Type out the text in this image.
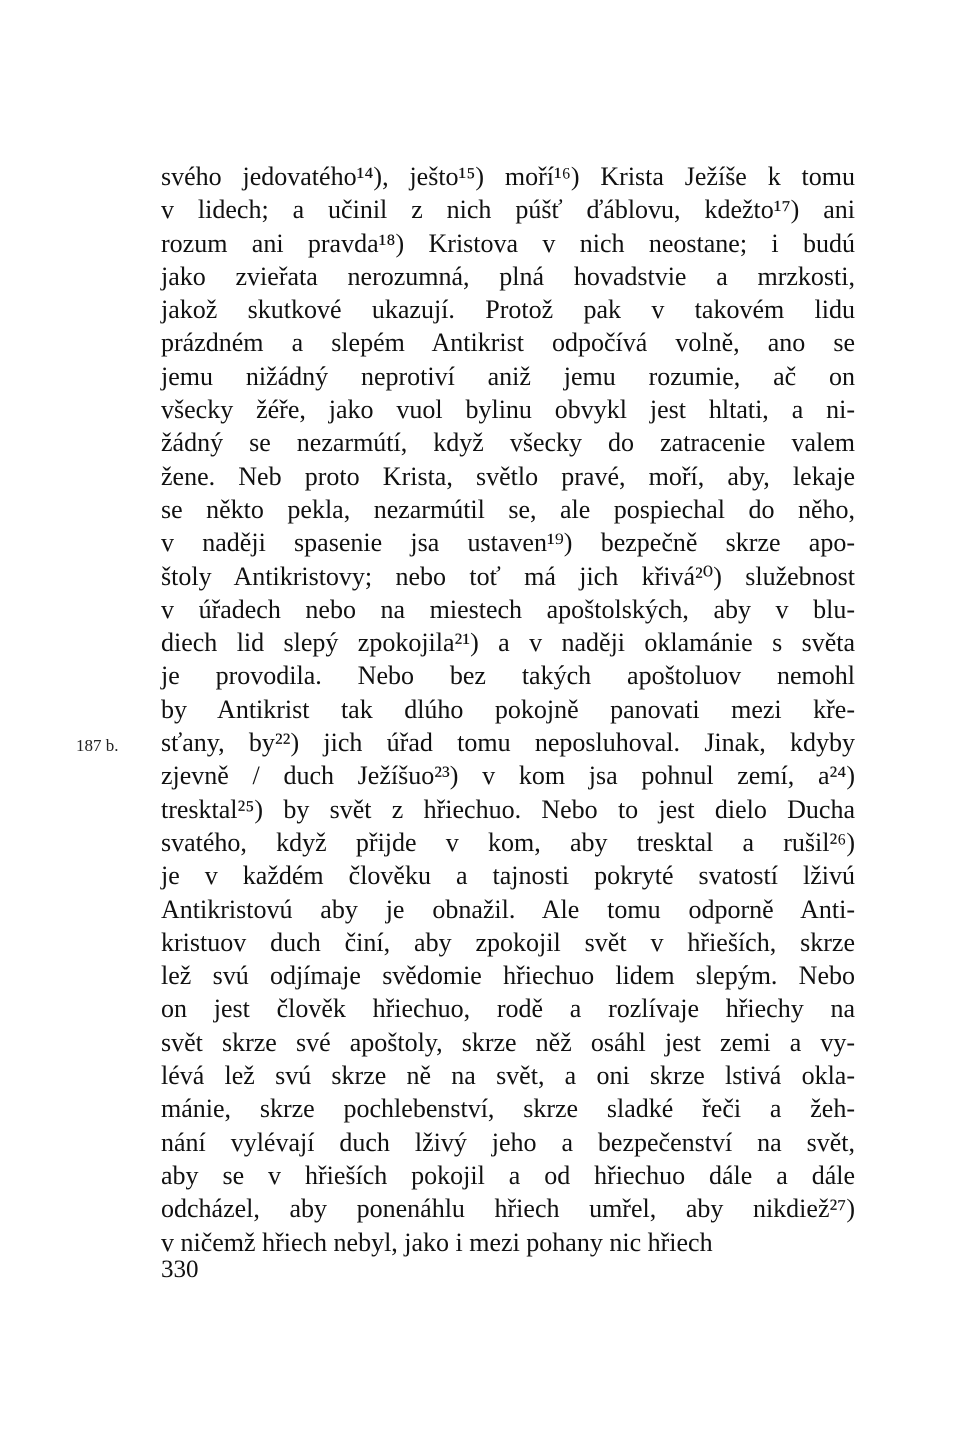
svého jedovatého¹⁴), ješto¹⁵) moří¹⁶) Krista Ježíše k tomu
v lidech; a učinil z nich púšť ďáblovu, kdežto¹⁷) ani
rozum ani pravda¹⁸) Kristova v nich neostane; i budú
jako zvieřata nerozumná, plná hovadstvie a mrzkosti,
jakož skutkové ukazují. Protož pak v takovém lidu
prázdném a slepém Antikrist odpočívá volně, ano se
jemu nižádný neprotiví aniž jemu rozumie, ač on
všecky žéře, jako vuol bylinu obvykl jest hltati, a ni-
žádný se nezarmútí, když všecky do zatracenie valem
žene. Neb proto Krista, světlo pravé, moří, aby, lekaje
se někto pekla, nezarmútil se, ale pospiechal do něho,
v naději spasenie jsa ustaven¹⁹) bezpečně skrze apo-
štoly Antikristovy; nebo toť má jich křivá²⁰) služebnost
v úřadech nebo na miestech apoštolských, aby v blu-
diech lid slepý zpokojila²¹) a v naději oklamánie s světa
je provodila. Nebo bez takých apoštoluov nemohl
by Antikrist tak dlúho pokojně panovati mezi kře-
sťany, by²²) jich úřad tomu neposluhoval. Jinak, kdyby
zjevně / duch Ježíšuo²³) v kom jsa pohnul zemí, a²⁴)
tresktal²⁵) by svět z hřiechuo. Nebo to jest dielo Ducha
svatého, když přijde v kom, aby tresktal a rušil²⁶)
je v každém člověku a tajnosti pokryté svatostí lživú
Antikristovú aby je obnažil. Ale tomu odporně Anti-
kristuov duch činí, aby zpokojil svět v hřieších, skrze
lež svú odjímaje svědomie hřiechuo lidem slepým. Nebo
on jest člověk hřiechuo, rodě a rozlívaje hřiechy na
svět skrze své apoštoly, skrze něž osáhl jest zemi a vy-
lévá lež svú skrze ně na svět, a oni skrze lstivá okla-
mánie, skrze pochlebenství, skrze sladké řeči a žeh-
nání vylévají duch lživý jeho a bezpečenství na svět,
aby se v hřieších pokojil a od hřiechuo dále a dále
odcházel, aby ponenáhlu hřiech umřel, aby nikdiež²⁷)
v ničemž hřiech nebyl, jako i mezi pohany nic hřiech
187 b.
330
